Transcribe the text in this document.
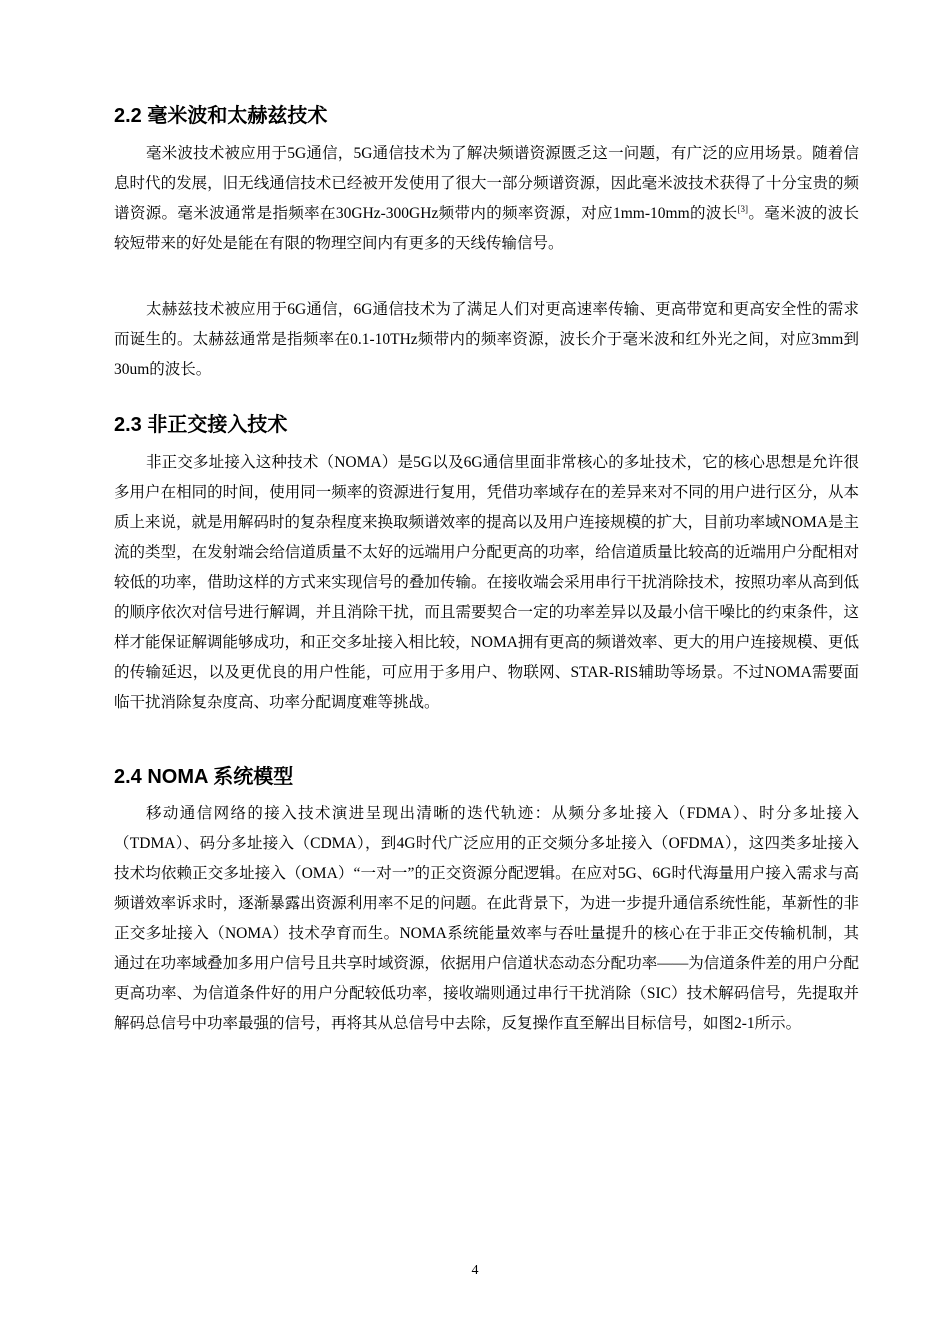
2.2 毫米波和太赫兹技术

毫米波技术被应用于5G通信，5G通信技术为了解决频谱资源匮乏这一问题，有广泛的应用场景。随着信息时代的发展，旧无线通信技术已经被开发使用了很大一部分频谱资源，因此毫米波技术获得了十分宝贵的频谱资源。毫米波通常是指频率在30GHz-300GHz频带内的频率资源，对应1mm-10mm的波长[3]。毫米波的波长较短带来的好处是能在有限的物理空间内有更多的天线传输信号。

太赫兹技术被应用于6G通信，6G通信技术为了满足人们对更高速率传输、更高带宽和更高安全性的需求而诞生的。太赫兹通常是指频率在0.1-10THz频带内的频率资源，波长介于毫米波和红外光之间，对应3mm到30um的波长。

2.3 非正交接入技术

非正交多址接入这种技术（NOMA）是5G以及6G通信里面非常核心的多址技术，它的核心思想是允许很多用户在相同的时间，使用同一频率的资源进行复用，凭借功率域存在的差异来对不同的用户进行区分，从本质上来说，就是用解码时的复杂程度来换取频谱效率的提高以及用户连接规模的扩大，目前功率域NOMA是主流的类型，在发射端会给信道质量不太好的远端用户分配更高的功率，给信道质量比较高的近端用户分配相对较低的功率，借助这样的方式来实现信号的叠加传输。在接收端会采用串行干扰消除技术，按照功率从高到低的顺序依次对信号进行解调，并且消除干扰，而且需要契合一定的功率差异以及最小信干噪比的约束条件，这样才能保证解调能够成功，和正交多址接入相比较，NOMA拥有更高的频谱效率、更大的用户连接规模、更低的传输延迟，以及更优良的用户性能，可应用于多用户、物联网、STAR-RIS辅助等场景。不过NOMA需要面临干扰消除复杂度高、功率分配调度难等挑战。

2.4 NOMA 系统模型

移动通信网络的接入技术演进呈现出清晰的迭代轨迹：从频分多址接入（FDMA）、时分多址接入（TDMA）、码分多址接入（CDMA），到4G时代广泛应用的正交频分多址接入（OFDMA），这四类多址接入技术均依赖正交多址接入（OMA）“一对一”的正交资源分配逻辑。在应对5G、6G时代海量用户接入需求与高频谱效率诉求时，逐渐暴露出资源利用率不足的问题。在此背景下，为进一步提升通信系统性能，革新性的非正交多址接入（NOMA）技术孕育而生。NOMA系统能量效率与吞吐量提升的核心在于非正交传输机制，其通过在功率域叠加多用户信号且共享时域资源，依据用户信道状态动态分配功率——为信道条件差的用户分配更高功率、为信道条件好的用户分配较低功率，接收端则通过串行干扰消除（SIC）技术解码信号，先提取并解码总信号中功率最强的信号，再将其从总信号中去除，反复操作直至解出目标信号，如图2-1所示。

4
